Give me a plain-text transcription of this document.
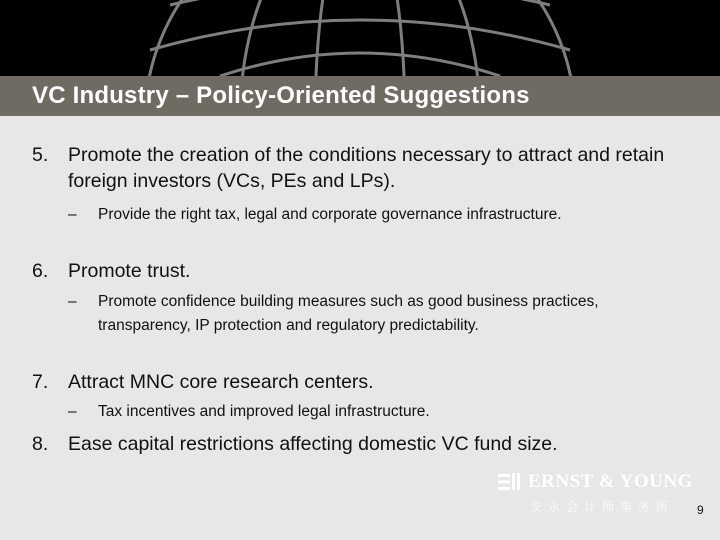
VC Industry – Policy-Oriented Suggestions
5. Promote the creation of the conditions necessary to attract and retain foreign investors (VCs, PEs and LPs).
– Provide the right tax, legal and corporate governance infrastructure.
6. Promote trust.
– Promote confidence building measures such as good business practices, transparency, IP protection and regulatory predictability.
7. Attract MNC core research centers.
– Tax incentives and improved legal infrastructure.
8. Ease capital restrictions affecting domestic VC fund size.
ERNST & YOUNG
安永会计师事务所 9
